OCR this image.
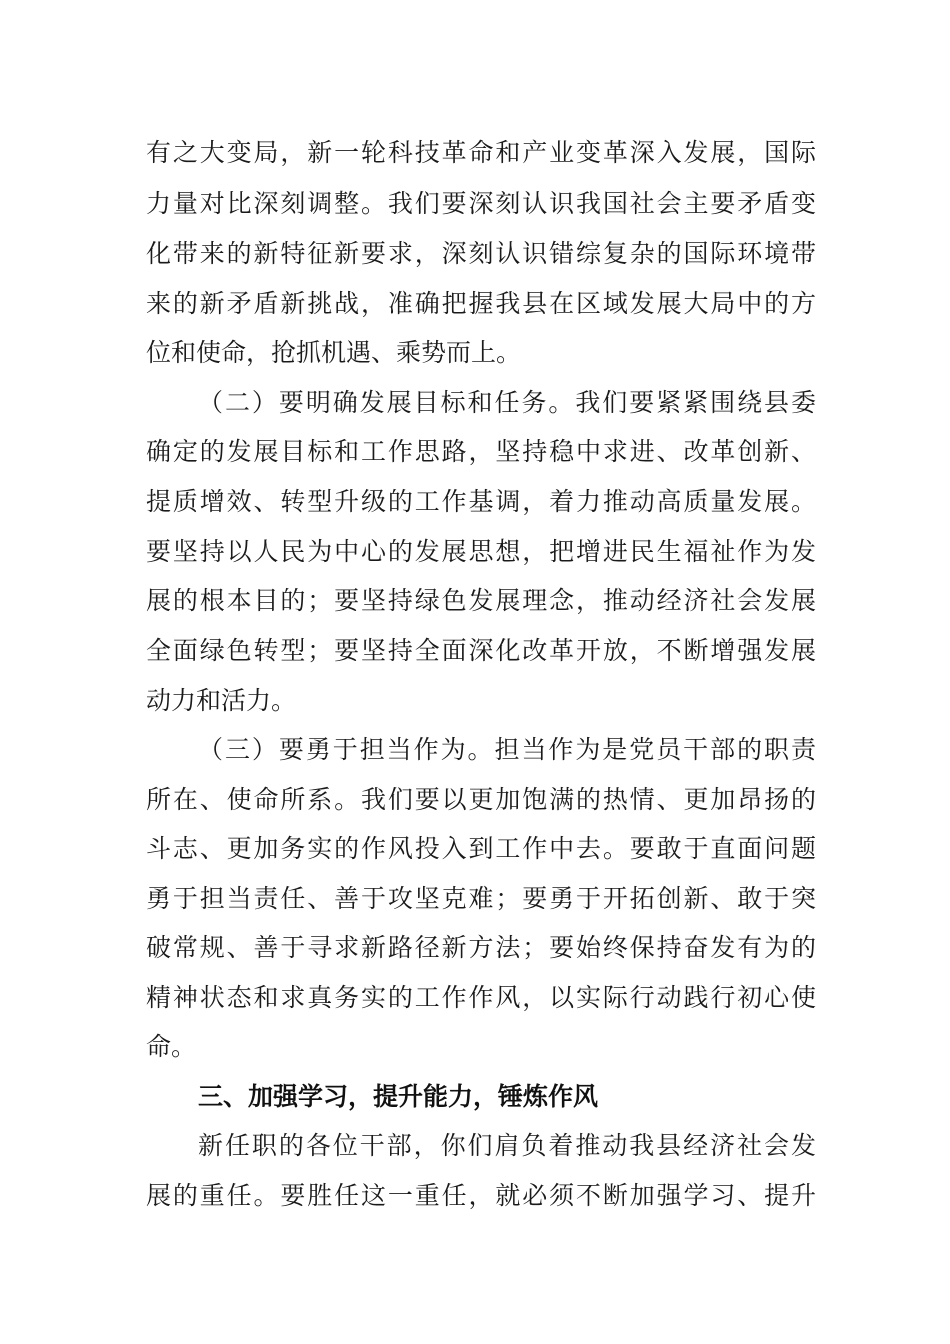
有之大变局，新一轮科技革命和产业变革深入发展，国际
力量对比深刻调整。我们要深刻认识我国社会主要矛盾变
化带来的新特征新要求，深刻认识错综复杂的国际环境带
来的新矛盾新挑战，准确把握我县在区域发展大局中的方
位和使命，抢抓机遇、乘势而上。
（二）要明确发展目标和任务。我们要紧紧围绕县委
确定的发展目标和工作思路，坚持稳中求进、改革创新、
提质增效、转型升级的工作基调，着力推动高质量发展。
要坚持以人民为中心的发展思想，把增进民生福祉作为发
展的根本目的；要坚持绿色发展理念，推动经济社会发展
全面绿色转型；要坚持全面深化改革开放，不断增强发展
动力和活力。
（三）要勇于担当作为。担当作为是党员干部的职责
所在、使命所系。我们要以更加饱满的热情、更加昂扬的
斗志、更加务实的作风投入到工作中去。要敢于直面问题
勇于担当责任、善于攻坚克难；要勇于开拓创新、敢于突
破常规、善于寻求新路径新方法；要始终保持奋发有为的
精神状态和求真务实的工作作风，以实际行动践行初心使
命。
三、加强学习，提升能力，锤炼作风
新任职的各位干部，你们肩负着推动我县经济社会发
展的重任。要胜任这一重任，就必须不断加强学习、提升
